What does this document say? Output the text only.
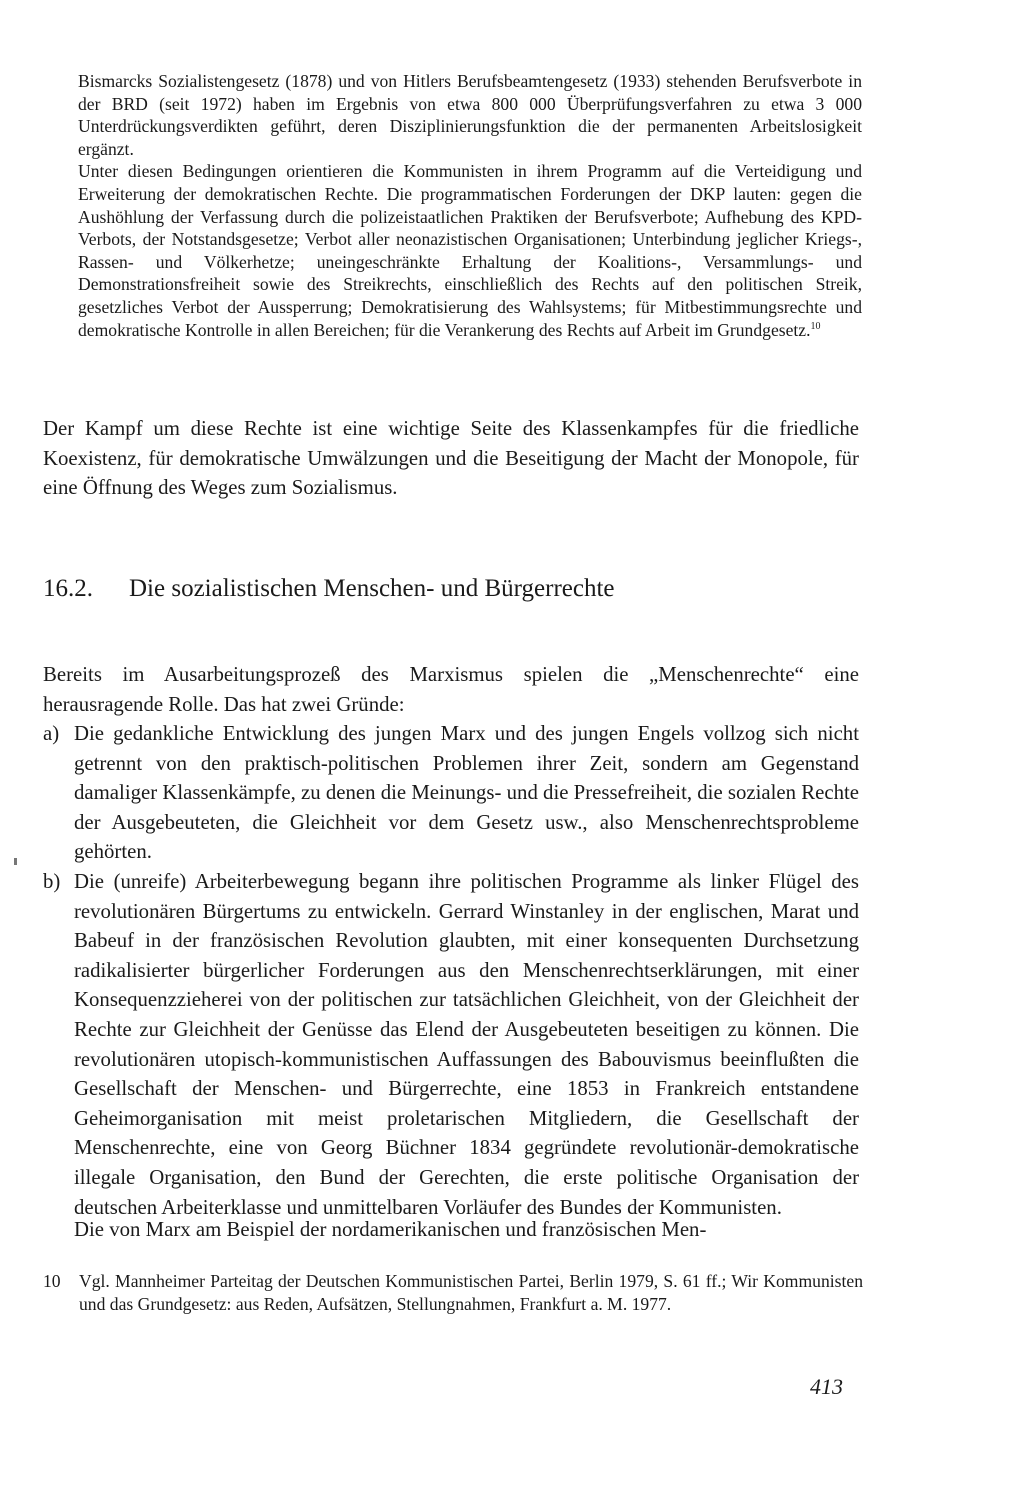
Bismarcks Sozialistengesetz (1878) und von Hitlers Berufsbeamtengesetz (1933) stehenden Berufsverbote in der BRD (seit 1972) haben im Ergebnis von etwa 800 000 Überprüfungsverfahren zu etwa 3 000 Unterdrückungsverdikten geführt, deren Disziplinierungsfunktion die der permanenten Arbeitslosigkeit ergänzt.

Unter diesen Bedingungen orientieren die Kommunisten in ihrem Programm auf die Verteidigung und Erweiterung der demokratischen Rechte. Die programmatischen Forderungen der DKP lauten: gegen die Aushöhlung der Verfassung durch die polizeistaatlichen Praktiken der Berufsverbote; Aufhebung des KPD-Verbots, der Notstandsgesetze; Verbot aller neonazistischen Organisationen; Unterbindung jeglicher Kriegs-, Rassen- und Völkerhetze; uneingeschränkte Erhaltung der Koalitions-, Versammlungs- und Demonstrationsfreiheit sowie des Streikrechts, einschließlich des Rechts auf den politischen Streik, gesetzliches Verbot der Aussperrung; Demokratisierung des Wahlsystems; für Mitbestimmungsrechte und demokratische Kontrolle in allen Bereichen; für die Verankerung des Rechts auf Arbeit im Grundgesetz.$^{10}$

Der Kampf um diese Rechte ist eine wichtige Seite des Klassenkampfes für die friedliche Koexistenz, für demokratische Umwälzungen und die Beseitigung der Macht der Monopole, für eine Öffnung des Weges zum Sozialismus.

16.2. Die sozialistischen Menschen- und Bürgerrechte

Bereits im Ausarbeitungsprozeß des Marxismus spielen die „Menschenrechte“ eine herausragende Rolle. Das hat zwei Gründe:

a) Die gedankliche Entwicklung des jungen Marx und des jungen Engels vollzog sich nicht getrennt von den praktisch-politischen Problemen ihrer Zeit, sondern am Gegenstand damaliger Klassenkämpfe, zu denen die Meinungs- und die Pressefreiheit, die sozialen Rechte der Ausgebeuteten, die Gleichheit vor dem Gesetz usw., also Menschenrechtsprobleme gehörten.

b) Die (unreife) Arbeiterbewegung begann ihre politischen Programme als linker Flügel des revolutionären Bürgertums zu entwickeln. Gerrard Winstanley in der englischen, Marat und Babeuf in der französischen Revolution glaubten, mit einer konsequenten Durchsetzung radikalisierter bürgerlicher Forderungen aus den Menschenrechtserklärungen, mit einer Konsequenzzieherei von der politischen zur tatsächlichen Gleichheit, von der Gleichheit der Rechte zur Gleichheit der Genüsse das Elend der Ausgebeuteten beseitigen zu können. Die revolutionären utopisch-kommunistischen Auffassungen des Babouvismus beeinflußten die Gesellschaft der Menschen- und Bürgerrechte, eine 1853 in Frankreich entstandene Geheimorganisation mit meist proletarischen Mitgliedern, die Gesellschaft der Menschenrechte, eine von Georg Büchner 1834 gegründete revolutionär-demokratische illegale Organisation, den Bund der Gerechten, die erste politische Organisation der deutschen Arbeiterklasse und unmittelbaren Vorläufer des Bundes der Kommunisten.

Die von Marx am Beispiel der nordamerikanischen und französischen Men-
10	Vgl. Mannheimer Parteitag der Deutschen Kommunistischen Partei, Berlin 1979, S. 61 ff.; Wir Kommunisten und das Grundgesetz: aus Reden, Aufsätzen, Stellungnahmen, Frankfurt a. M. 1977.
413
